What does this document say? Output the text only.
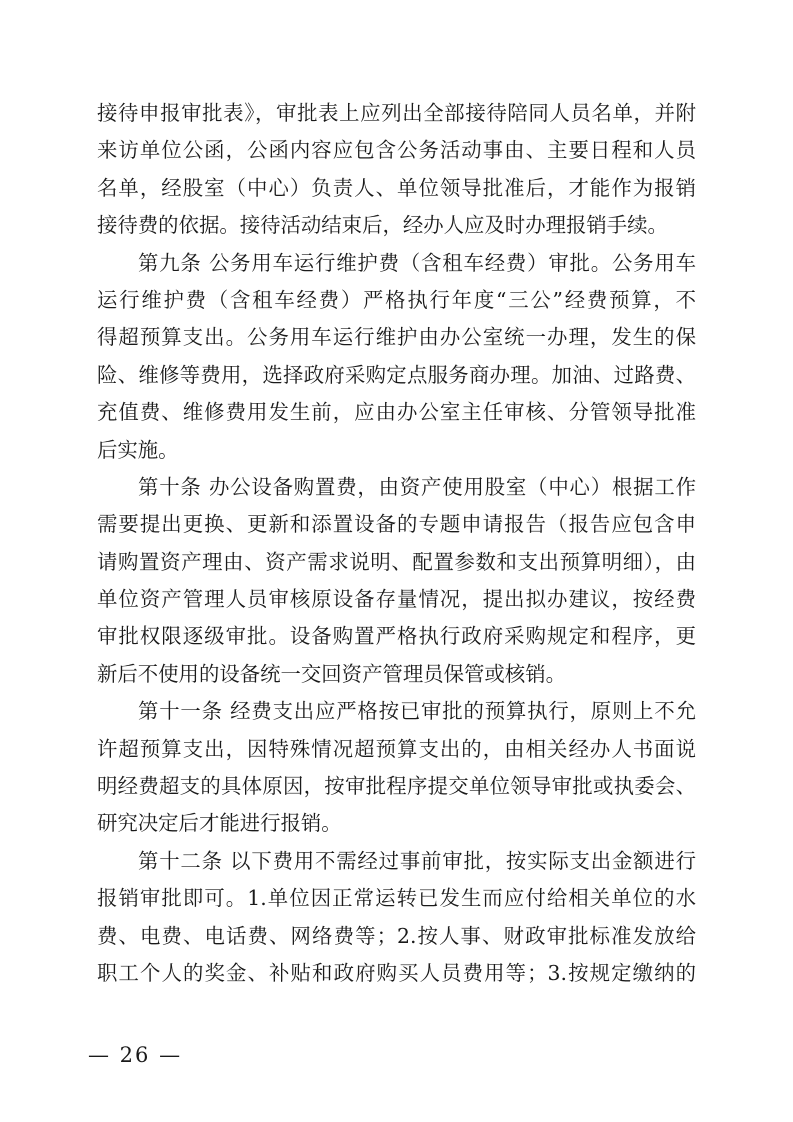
接待申报审批表》，审批表上应列出全部接待陪同人员名单，并附
来访单位公函，公函内容应包含公务活动事由、主要日程和人员
名单，经股室（中心）负责人、单位领导批准后，才能作为报销
接待费的依据。接待活动结束后，经办人应及时办理报销手续。
第九条 公务用车运行维护费（含租车经费）审批。公务用车
运行维护费（含租车经费）严格执行年度“三公”经费预算，不
得超预算支出。公务用车运行维护由办公室统一办理，发生的保
险、维修等费用，选择政府采购定点服务商办理。加油、过路费、
充值费、维修费用发生前，应由办公室主任审核、分管领导批准
后实施。
第十条 办公设备购置费，由资产使用股室（中心）根据工作
需要提出更换、更新和添置设备的专题申请报告（报告应包含申
请购置资产理由、资产需求说明、配置参数和支出预算明细），由
单位资产管理人员审核原设备存量情况，提出拟办建议，按经费
审批权限逐级审批。设备购置严格执行政府采购规定和程序，更
新后不使用的设备统一交回资产管理员保管或核销。
第十一条 经费支出应严格按已审批的预算执行，原则上不允
许超预算支出，因特殊情况超预算支出的，由相关经办人书面说
明经费超支的具体原因，按审批程序提交单位领导审批或执委会、
研究决定后才能进行报销。
第十二条 以下费用不需经过事前审批，按实际支出金额进行
报销审批即可。1.单位因正常运转已发生而应付给相关单位的水
费、电费、电话费、网络费等；2.按人事、财政审批标准发放给
职工个人的奖金、补贴和政府购买人员费用等；3.按规定缴纳的
— 26 —
